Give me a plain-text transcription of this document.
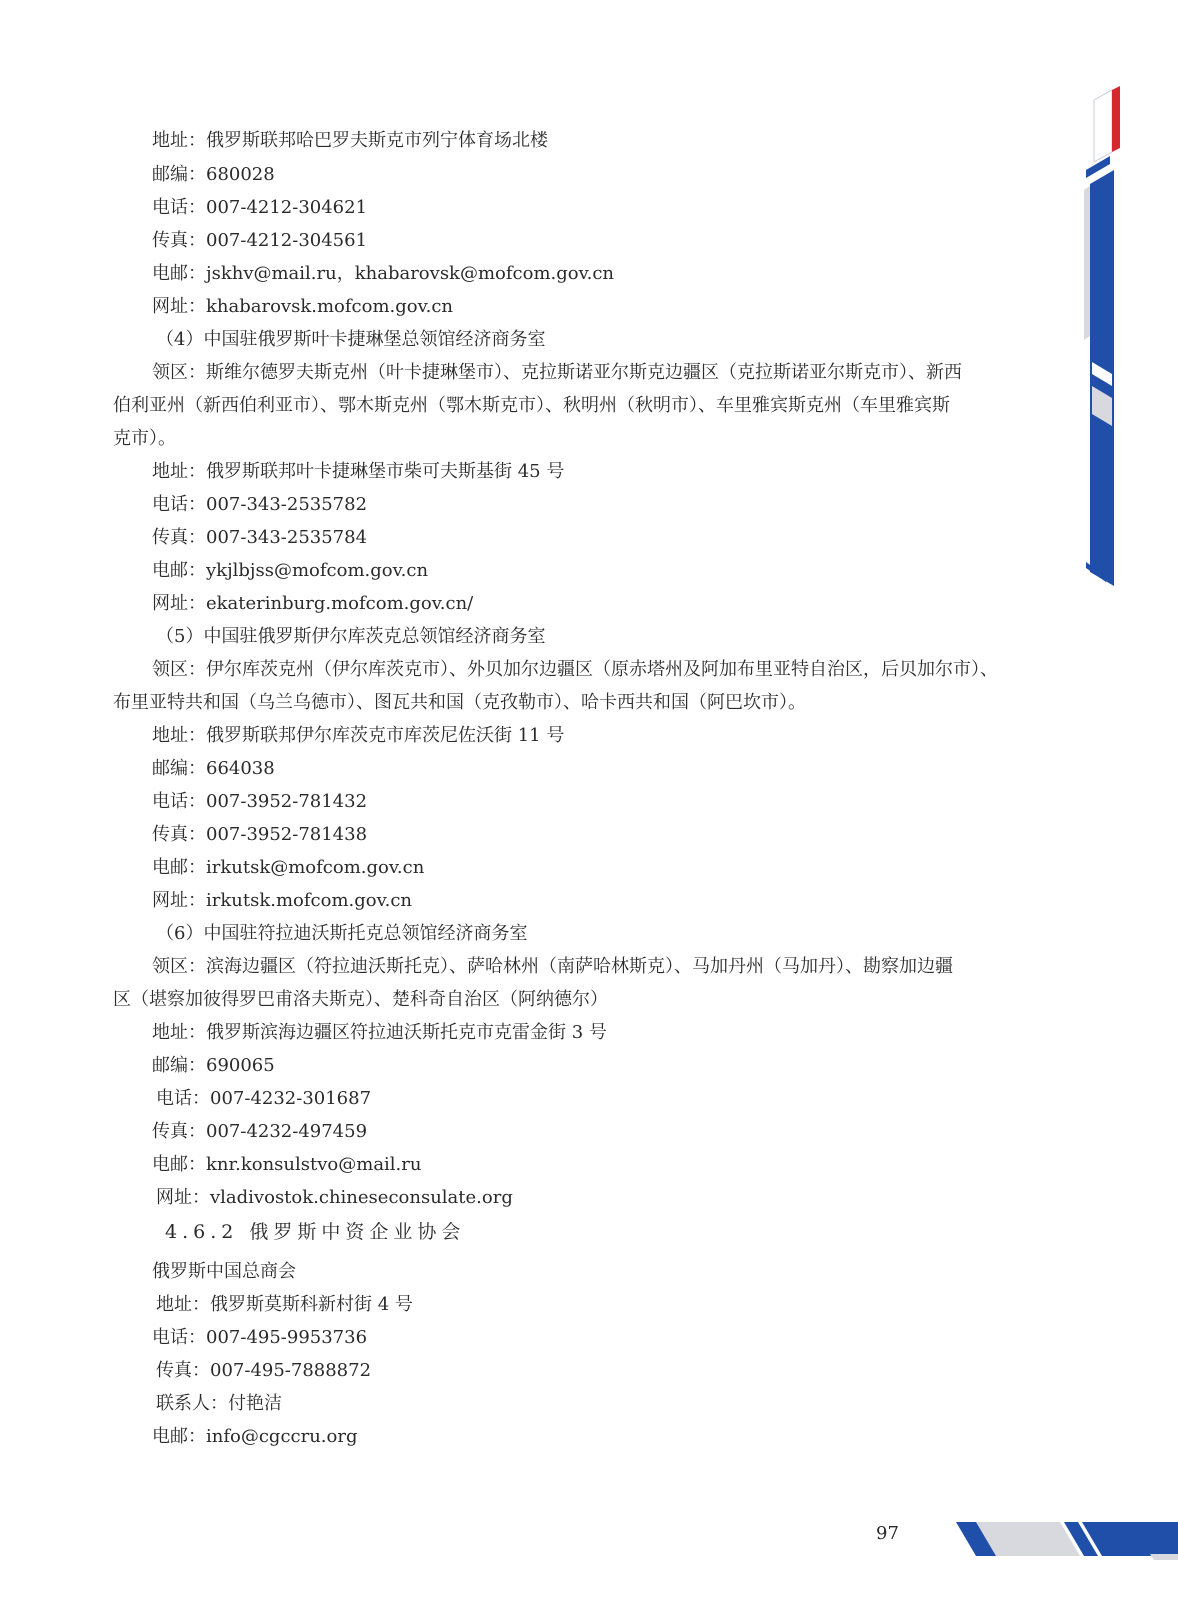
地址：俄罗斯联邦哈巴罗夫斯克市列宁体育场北楼
邮编：680028
电话：007-4212-304621
传真：007-4212-304561
电邮：jskhv@mail.ru，khabarovsk@mofcom.gov.cn
网址：khabarovsk.mofcom.gov.cn
（4）中国驻俄罗斯叶卡捷琳堡总领馆经济商务室
领区：斯维尔德罗夫斯克州（叶卡捷琳堡市）、克拉斯诺亚尔斯克边疆区（克拉斯诺亚尔斯克市）、新西
伯利亚州（新西伯利亚市）、鄂木斯克州（鄂木斯克市）、秋明州（秋明市）、车里雅宾斯克州（车里雅宾斯
克市）。
地址：俄罗斯联邦叶卡捷琳堡市柴可夫斯基街 45 号
电话：007-343-2535782
传真：007-343-2535784
电邮：ykjlbjss@mofcom.gov.cn
网址：ekaterinburg.mofcom.gov.cn/
（5）中国驻俄罗斯伊尔库茨克总领馆经济商务室
领区：伊尔库茨克州（伊尔库茨克市）、外贝加尔边疆区（原赤塔州及阿加布里亚特自治区，后贝加尔市）、
布里亚特共和国（乌兰乌德市）、图瓦共和国（克孜勒市）、哈卡西共和国（阿巴坎市）。
地址：俄罗斯联邦伊尔库茨克市库茨尼佐沃街 11 号
邮编：664038
电话：007-3952-781432
传真：007-3952-781438
电邮：irkutsk@mofcom.gov.cn
网址：irkutsk.mofcom.gov.cn
（6）中国驻符拉迪沃斯托克总领馆经济商务室
领区：滨海边疆区（符拉迪沃斯托克）、萨哈林州（南萨哈林斯克）、马加丹州（马加丹）、勘察加边疆
区（堪察加彼得罗巴甫洛夫斯克）、楚科奇自治区（阿纳德尔）
地址：俄罗斯滨海边疆区符拉迪沃斯托克市克雷金街 3 号
邮编：690065
电话：007-4232-301687
传真：007-4232-497459
电邮：knr.konsulstvo@mail.ru
网址：vladivostok.chineseconsulate.org
4.6.2 俄罗斯中资企业协会
俄罗斯中国总商会
地址：俄罗斯莫斯科新村街 4 号
电话：007-495-9953736
传真：007-495-7888872
联系人：付艳洁
电邮：info@cgccru.org
97
